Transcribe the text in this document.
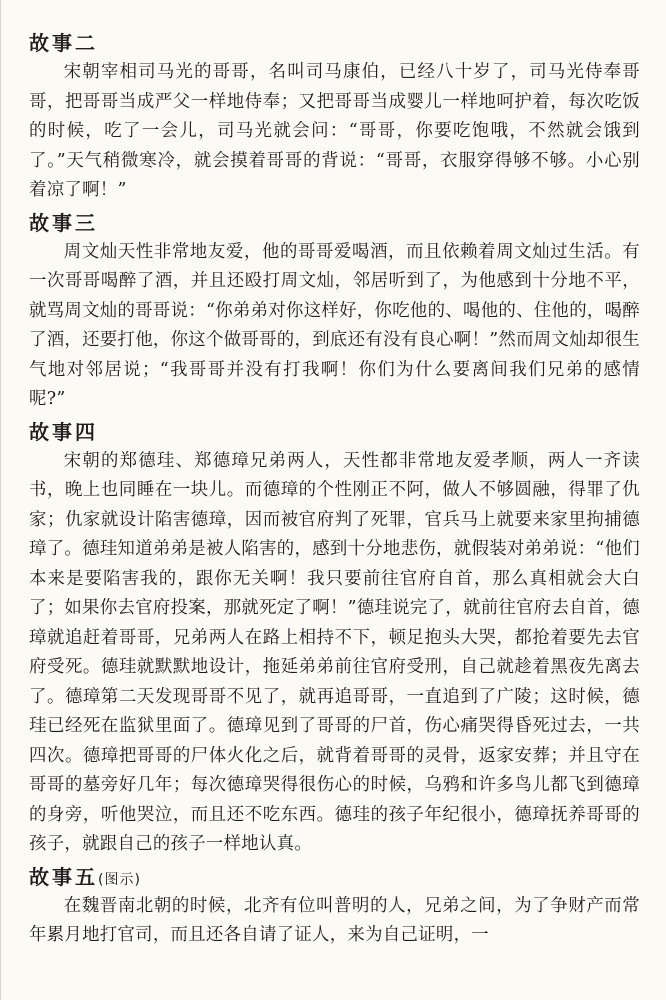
故事二

宋朝宰相司马光的哥哥，名叫司马康伯，已经八十岁了，司马光侍奉哥哥，把哥哥当成严父一样地侍奉；又把哥哥当成婴儿一样地呵护着，每次吃饭的时候，吃了一会儿，司马光就会问：“哥哥，你要吃饱哦，不然就会饿到了。”天气稍微寒冷，就会摸着哥哥的背说：“哥哥，衣服穿得够不够。小心别着凉了啊！”

故事三

周文灿天性非常地友爱，他的哥哥爱喝酒，而且依赖着周文灿过生活。有一次哥哥喝醉了酒，并且还殴打周文灿，邻居听到了，为他感到十分地不平，就骂周文灿的哥哥说：“你弟弟对你这样好，你吃他的、喝他的、住他的，喝醉了酒，还要打他，你这个做哥哥的，到底还有没有良心啊！”然而周文灿却很生气地对邻居说；“我哥哥并没有打我啊！你们为什么要离间我们兄弟的感情呢?”

故事四

宋朝的郑德珪、郑德璋兄弟两人，天性都非常地友爱孝顺，两人一齐读书，晚上也同睡在一块儿。而德璋的个性刚正不阿，做人不够圆融，得罪了仇家；仇家就设计陷害德璋，因而被官府判了死罪，官兵马上就要来家里拘捕德璋了。德珪知道弟弟是被人陷害的，感到十分地悲伤，就假装对弟弟说：“他们本来是要陷害我的，跟你无关啊！我只要前往官府自首，那么真相就会大白了；如果你去官府投案，那就死定了啊！”德珪说完了，就前往官府去自首，德璋就追赶着哥哥，兄弟两人在路上相持不下，顿足抱头大哭，都抢着要先去官府受死。德珪就默默地设计，拖延弟弟前往官府受刑，自己就趁着黑夜先离去了。德璋第二天发现哥哥不见了，就再追哥哥，一直追到了广陵；这时候，德珪已经死在监狱里面了。德璋见到了哥哥的尸首，伤心痛哭得昏死过去，一共四次。德璋把哥哥的尸体火化之后，就背着哥哥的灵骨，返家安葬；并且守在哥哥的墓旁好几年；每次德璋哭得很伤心的时候，乌鸦和许多鸟儿都飞到德璋的身旁，听他哭泣，而且还不吃东西。德珪的孩子年纪很小，德璋抚养哥哥的孩子，就跟自己的孩子一样地认真。

故事五(图示)

在魏晋南北朝的时候，北齐有位叫普明的人，兄弟之间，为了争财产而常年累月地打官司，而且还各自请了证人，来为自己证明，一
